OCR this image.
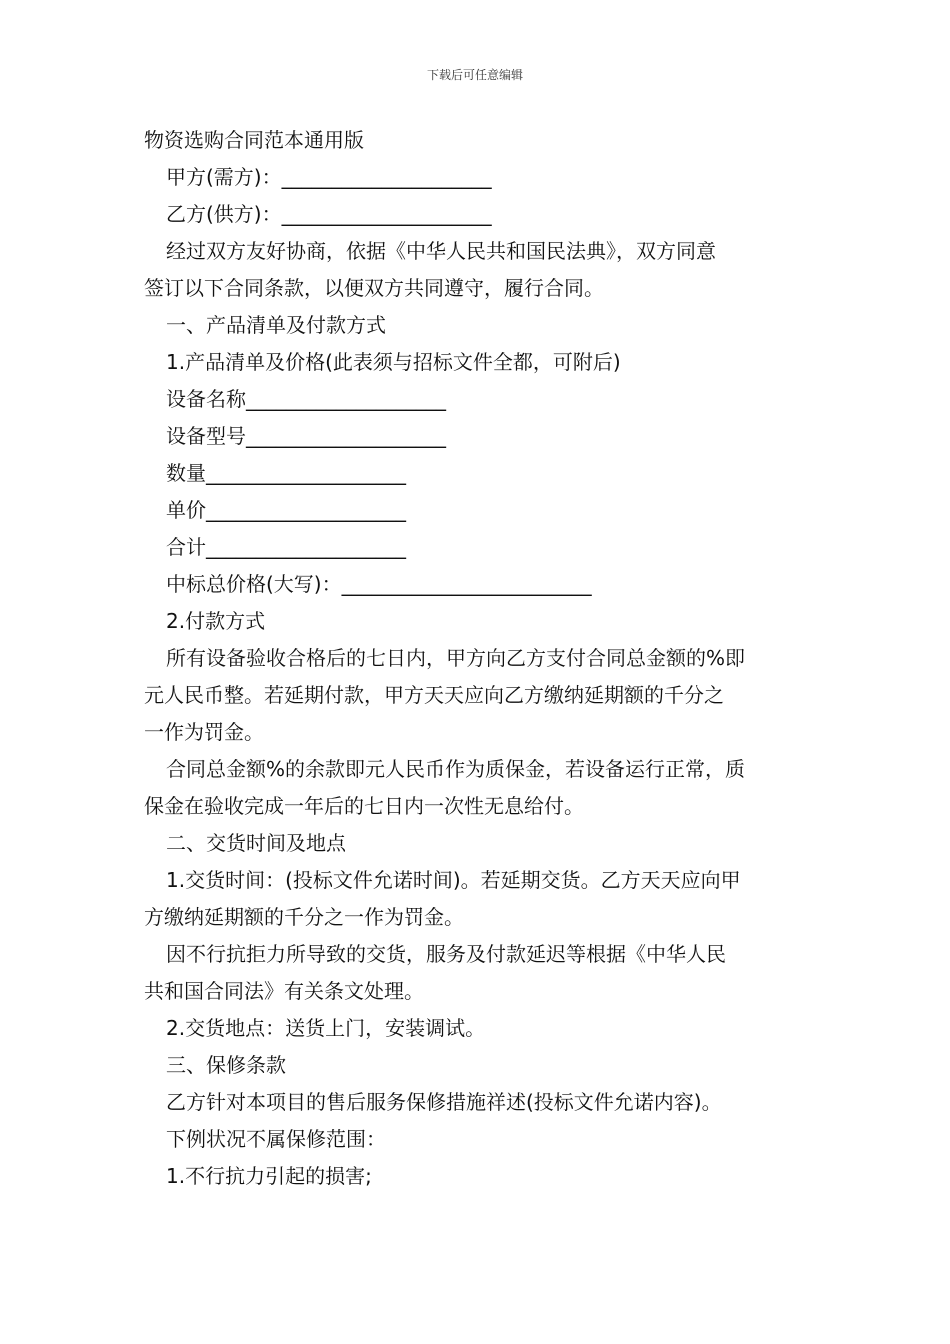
下载后可任意编辑
物资选购合同范本通用版
甲方(需方)：_____________________
乙方(供方)：_____________________
经过双方友好协商，依据《中华人民共和国民法典》，双方同意
签订以下合同条款，以便双方共同遵守，履行合同。
一、产品清单及付款方式
1.产品清单及价格(此表须与招标文件全都，可附后)
设备名称____________________
设备型号____________________
数量____________________
单价____________________
合计____________________
中标总价格(大写)：_________________________
2.付款方式
所有设备验收合格后的七日内，甲方向乙方支付合同总金额的%即
元人民币整。若延期付款，甲方天天应向乙方缴纳延期额的千分之
一作为罚金。
合同总金额%的余款即元人民币作为质保金，若设备运行正常，质
保金在验收完成一年后的七日内一次性无息给付。
二、交货时间及地点
1.交货时间：(投标文件允诺时间)。若延期交货。乙方天天应向甲
方缴纳延期额的千分之一作为罚金。
因不行抗拒力所导致的交货，服务及付款延迟等根据《中华人民
共和国合同法》有关条文处理。
2.交货地点：送货上门，安装调试。
三、保修条款
乙方针对本项目的售后服务保修措施祥述(投标文件允诺内容)。
下例状况不属保修范围：
1.不行抗力引起的损害;
